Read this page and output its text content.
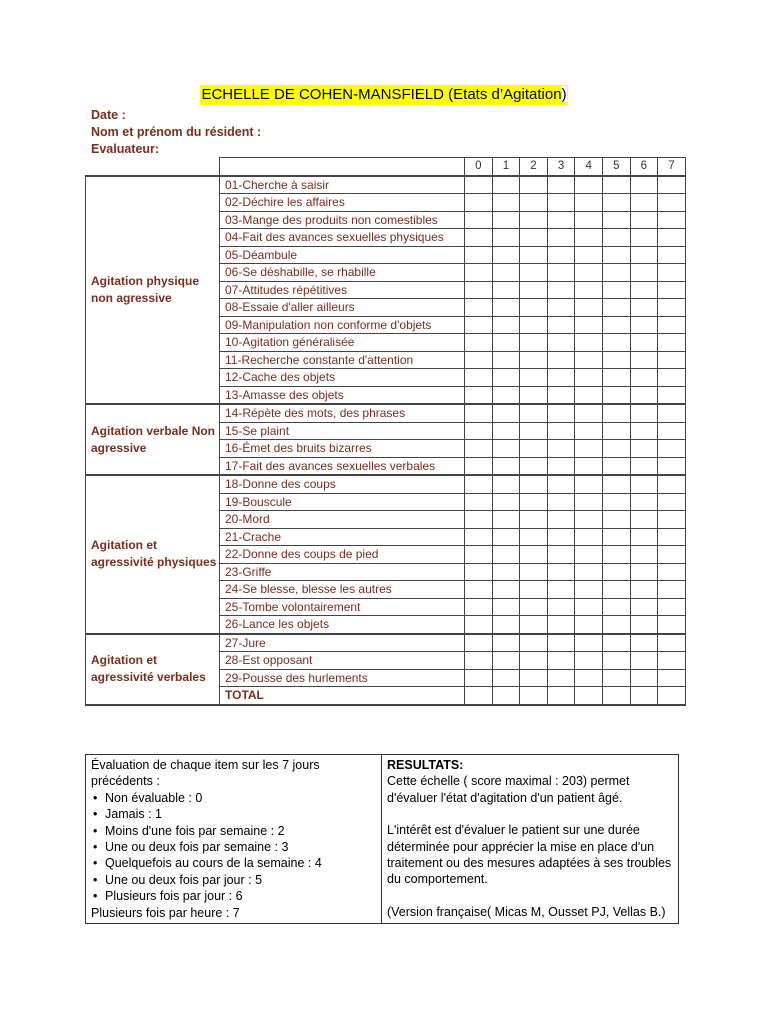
ECHELLE DE COHEN-MANSFIELD (Etats d’Agitation)
Date :
Nom et prénom du résident :
Evaluateur:
		0	1	2	3	4	5	6	7
Agitation physique non agressive	01-Cherche à saisir								
	02-Déchire les affaires								
	03-Mange des produits non comestibles								
	04-Fait des avances sexuelles physiques								
	05-Déambule								
	06-Se déshabille, se rhabille								
	07-Attitudes répétitives								
	08-Essaie d'aller ailleurs								
	09-Manipulation non conforme d'objets								
	10-Agitation généralisée								
	11-Recherche constante d'attention								
	12-Cache des objets								
	13-Amasse des objets								
Agitation verbale Non agressive	14-Répète des mots, des phrases								
	15-Se plaint								
	16-Émet des bruits bizarres								
	17-Fait des avances sexuelles verbales								
Agitation et agressivité physiques	18-Donne des coups								
	19-Bouscule								
	20-Mord								
	21-Crache								
	22-Donne des coups de pied								
	23-Griffe								
	24-Se blesse, blesse les autres								
	25-Tombe volontairement								
	26-Lance les objets								
Agitation et agressivité verbales	27-Jure								
	28-Est opposant								
	29-Pousse des hurlements								
	TOTAL								
Évaluation de chaque item sur les 7 jours précédents :
• Non évaluable : 0
• Jamais : 1
• Moins d'une fois par semaine : 2
• Une ou deux fois par semaine : 3
• Quelquefois au cours de la semaine : 4
• Une ou deux fois par jour : 5
• Plusieurs fois par jour : 6
Plusieurs fois par heure : 7

RESULTATS:
Cette échelle ( score maximal : 203) permet d'évaluer l'état d'agitation d'un patient âgé.
L'intérêt est d'évaluer le patient sur une durée déterminée pour apprécier la mise en place d'un traitement ou des mesures adaptées à ses troubles du comportement.
(Version française( Micas M, Ousset PJ, Vellas B.)
